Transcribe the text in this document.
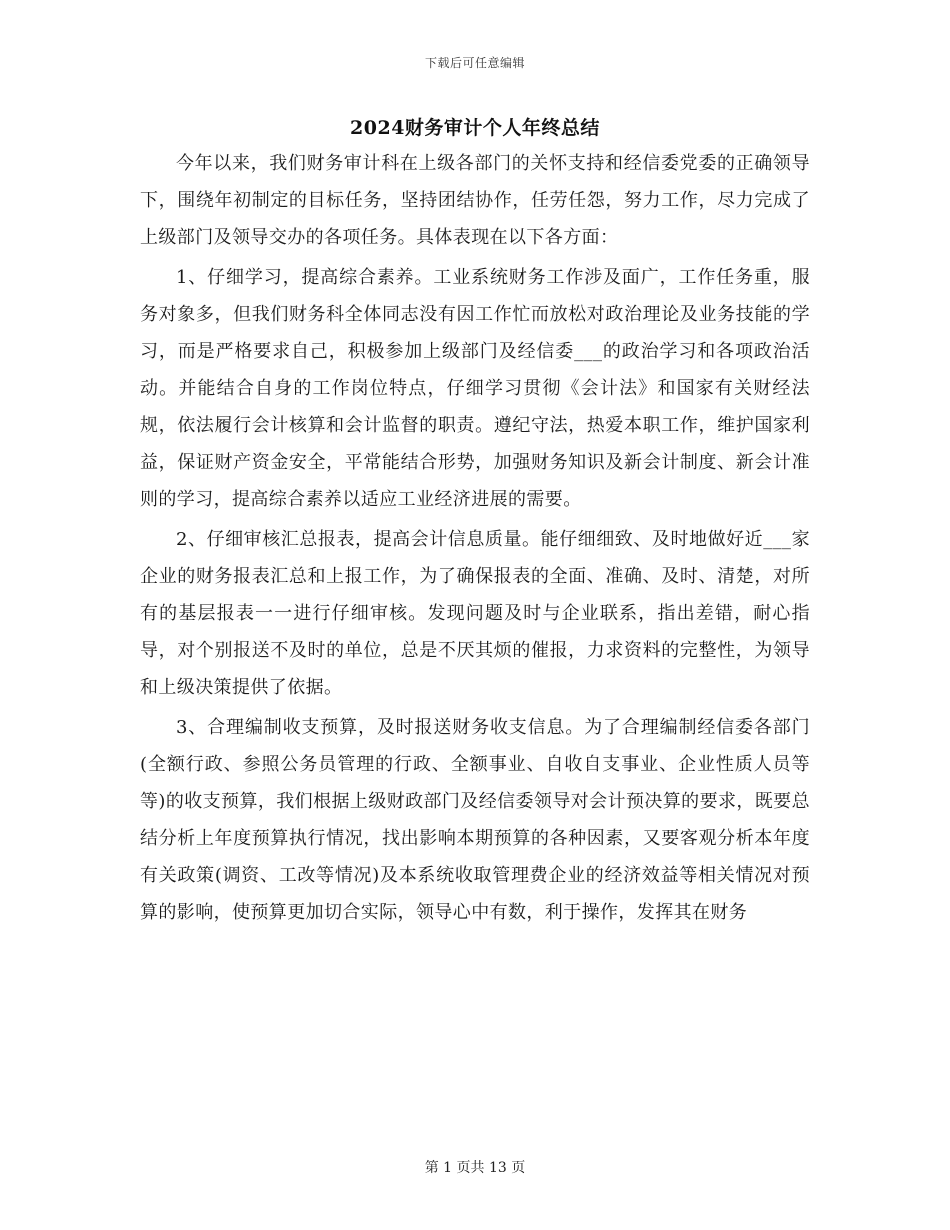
下载后可任意编辑
2024财务审计个人年终总结

今年以来，我们财务审计科在上级各部门的关怀支持和经信委党委的正确领导下，围绕年初制定的目标任务，坚持团结协作，任劳任怨，努力工作，尽力完成了上级部门及领导交办的各项任务。具体表现在以下各方面：

1、仔细学习，提高综合素养。工业系统财务工作涉及面广，工作任务重，服务对象多，但我们财务科全体同志没有因工作忙而放松对政治理论及业务技能的学习，而是严格要求自己，积极参加上级部门及经信委___的政治学习和各项政治活动。并能结合自身的工作岗位特点，仔细学习贯彻《会计法》和国家有关财经法规，依法履行会计核算和会计监督的职责。遵纪守法，热爱本职工作，维护国家利益，保证财产资金安全，平常能结合形势，加强财务知识及新会计制度、新会计准则的学习，提高综合素养以适应工业经济进展的需要。

2、仔细审核汇总报表，提高会计信息质量。能仔细细致、及时地做好近___家企业的财务报表汇总和上报工作，为了确保报表的全面、准确、及时、清楚，对所有的基层报表一一进行仔细审核。发现问题及时与企业联系，指出差错，耐心指导，对个别报送不及时的单位，总是不厌其烦的催报，力求资料的完整性，为领导和上级决策提供了依据。

3、合理编制收支预算，及时报送财务收支信息。为了合理编制经信委各部门(全额行政、参照公务员管理的行政、全额事业、自收自支事业、企业性质人员等等)的收支预算，我们根据上级财政部门及经信委领导对会计预决算的要求，既要总结分析上年度预算执行情况，找出影响本期预算的各种因素，又要客观分析本年度有关政策(调资、工改等情况)及本系统收取管理费企业的经济效益等相关情况对预算的影响，使预算更加切合实际，领导心中有数，利于操作，发挥其在财务

第 1 页共 13 页
